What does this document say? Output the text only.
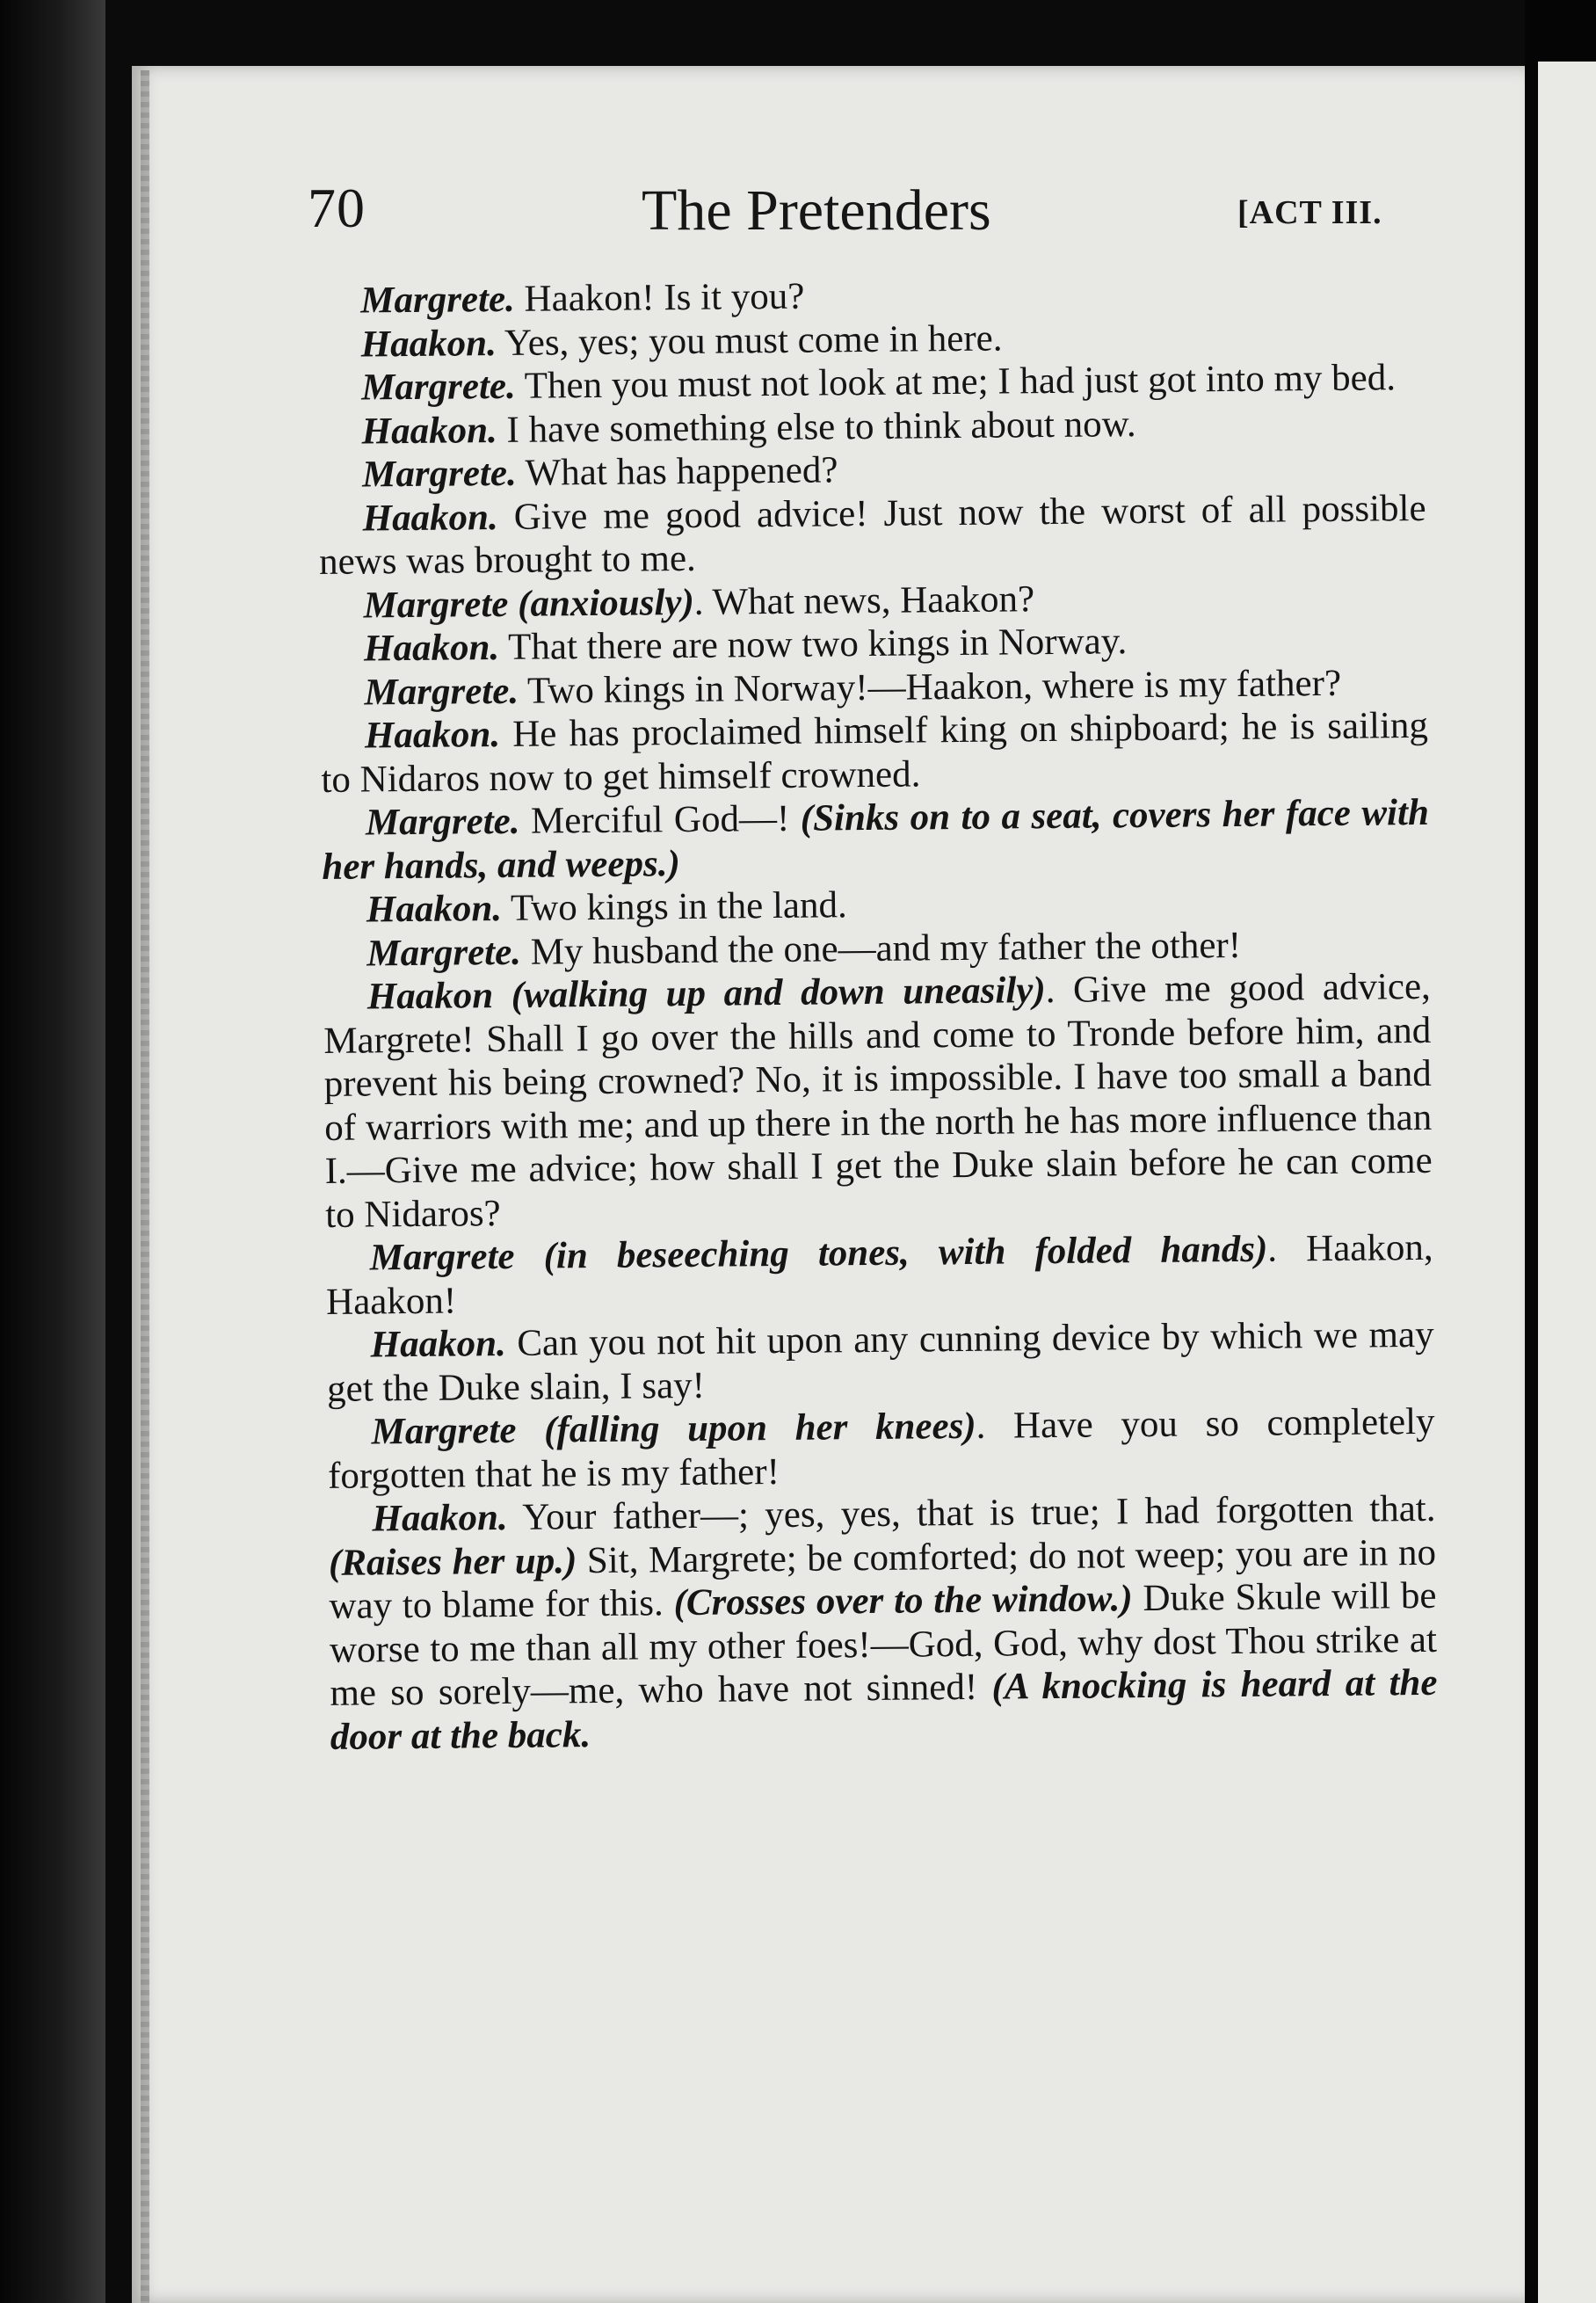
70	The Pretenders	[ACT III.

Margrete. Haakon! Is it you?

Haakon. Yes, yes; you must come in here.

Margrete. Then you must not look at me; I had just got into my bed.

Haakon. I have something else to think about now.

Margrete. What has happened?

Haakon. Give me good advice! Just now the worst of all possible news was brought to me.

Margrete (anxiously). What news, Haakon?

Haakon. That there are now two kings in Norway.

Margrete. Two kings in Norway!—Haakon, where is my father?

Haakon. He has proclaimed himself king on shipboard; he is sailing to Nidaros now to get himself crowned.

Margrete. Merciful God—! (Sinks on to a seat, covers her face with her hands, and weeps.)

Haakon. Two kings in the land.

Margrete. My husband the one—and my father the other!

Haakon (walking up and down uneasily). Give me good advice, Margrete! Shall I go over the hills and come to Tronde before him, and prevent his being crowned? No, it is impossible. I have too small a band of warriors with me; and up there in the north he has more influence than I.—Give me advice; how shall I get the Duke slain before he can come to Nidaros?

Margrete (in beseeching tones, with folded hands). Haakon, Haakon!

Haakon. Can you not hit upon any cunning device by which we may get the Duke slain, I say!

Margrete (falling upon her knees). Have you so completely forgotten that he is my father!

Haakon. Your father—; yes, yes, that is true; I had forgotten that. (Raises her up.) Sit, Margrete; be comforted; do not weep; you are in no way to blame for this. (Crosses over to the window.) Duke Skule will be worse to me than all my other foes!—God, God, why dost Thou strike at me so sorely—me, who have not sinned! (A knocking is heard at the door at the back.
